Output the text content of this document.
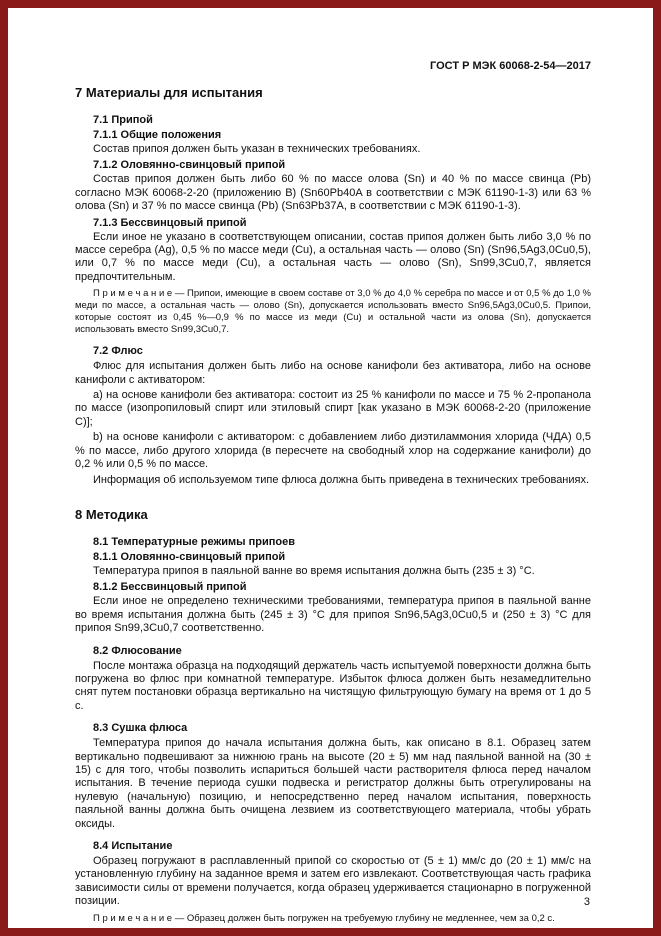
ГОСТ Р МЭК 60068-2-54—2017
7 Материалы для испытания
7.1 Припой
7.1.1 Общие положения
Состав припоя должен быть указан в технических требованиях.
7.1.2 Оловянно-свинцовый припой
Состав припоя должен быть либо 60 % по массе олова (Sn) и 40 % по массе свинца (Pb) согласно МЭК 60068-2-20 (приложению В) (Sn60Pb40A в соответствии с МЭК 61190-1-3) или 63 % олова (Sn) и 37 % по массе свинца (Pb) (Sn63Pb37A, в соответствии с МЭК 61190-1-3).
7.1.3 Бессвинцовый припой
Если иное не указано в соответствующем описании, состав припоя должен быть либо 3,0 % по массе серебра (Ag), 0,5 % по массе меди (Cu), а остальная часть — олово (Sn) (Sn96,5Ag3,0Cu0,5), или 0,7 % по массе меди (Cu), а остальная часть — олово (Sn), Sn99,3Cu0,7, является предпочтительным.
П р и м е ч а н и е — Припои, имеющие в своем составе от 3,0 % до 4,0 % серебра по массе и от 0,5 % до 1,0 % меди по массе, а остальная часть — олово (Sn), допускается использовать вместо Sn96,5Ag3,0Cu0,5. Припои, которые состоят из 0,45 %—0,9 % по массе из меди (Cu) и остальной части из олова (Sn), допускается использовать вместо Sn99,3Cu0,7.
7.2 Флюс
Флюс для испытания должен быть либо на основе канифоли без активатора, либо на основе канифоли с активатором:
a) на основе канифоли без активатора: состоит из 25 % канифоли по массе и 75 % 2-пропанола по массе (изопропиловый спирт или этиловый спирт [как указано в МЭК 60068-2-20 (приложение С)];
b) на основе канифоли с активатором: с добавлением либо диэтиламмония хлорида (ЧДА) 0,5 % по массе, либо другого хлорида (в пересчете на свободный хлор на содержание канифоли) до 0,2 % или 0,5 % по массе.
Информация об используемом типе флюса должна быть приведена в технических требованиях.
8 Методика
8.1 Температурные режимы припоев
8.1.1 Оловянно-свинцовый припой
Температура припоя в паяльной ванне во время испытания должна быть (235 ± 3) °С.
8.1.2 Бессвинцовый припой
Если иное не определено техническими требованиями, температура припоя в паяльной ванне во время испытания должна быть (245 ± 3) °С для припоя Sn96,5Ag3,0Cu0,5 и (250 ± 3) °С для припоя Sn99,3Cu0,7 соответственно.
8.2 Флюсование
После монтажа образца на подходящий держатель часть испытуемой поверхности должна быть погружена во флюс при комнатной температуре. Избыток флюса должен быть незамедлительно снят путем постановки образца вертикально на чистящую фильтрующую бумагу на время от 1 до 5 с.
8.3 Сушка флюса
Температура припоя до начала испытания должна быть, как описано в 8.1. Образец затем вертикально подвешивают за нижнюю грань на высоте (20 ± 5) мм над паяльной ванной на (30 ± 15) с для того, чтобы позволить испариться большей части растворителя флюса перед началом испытания. В течение периода сушки подвеска и регистратор должны быть отрегулированы на нулевую (начальную) позицию, и непосредственно перед началом испытания, поверхность паяльной ванны должна быть очищена лезвием из соответствующего материала, чтобы убрать оксиды.
8.4 Испытание
Образец погружают в расплавленный припой со скоростью от (5 ± 1) мм/с до (20 ± 1) мм/с на установленную глубину на заданное время и затем его извлекают. Соответствующая часть графика зависимости силы от времени получается, когда образец удерживается стационарно в погруженной позиции.
П р и м е ч а н и е — Образец должен быть погружен на требуемую глубину не медленнее, чем за 0,2 с.
3
